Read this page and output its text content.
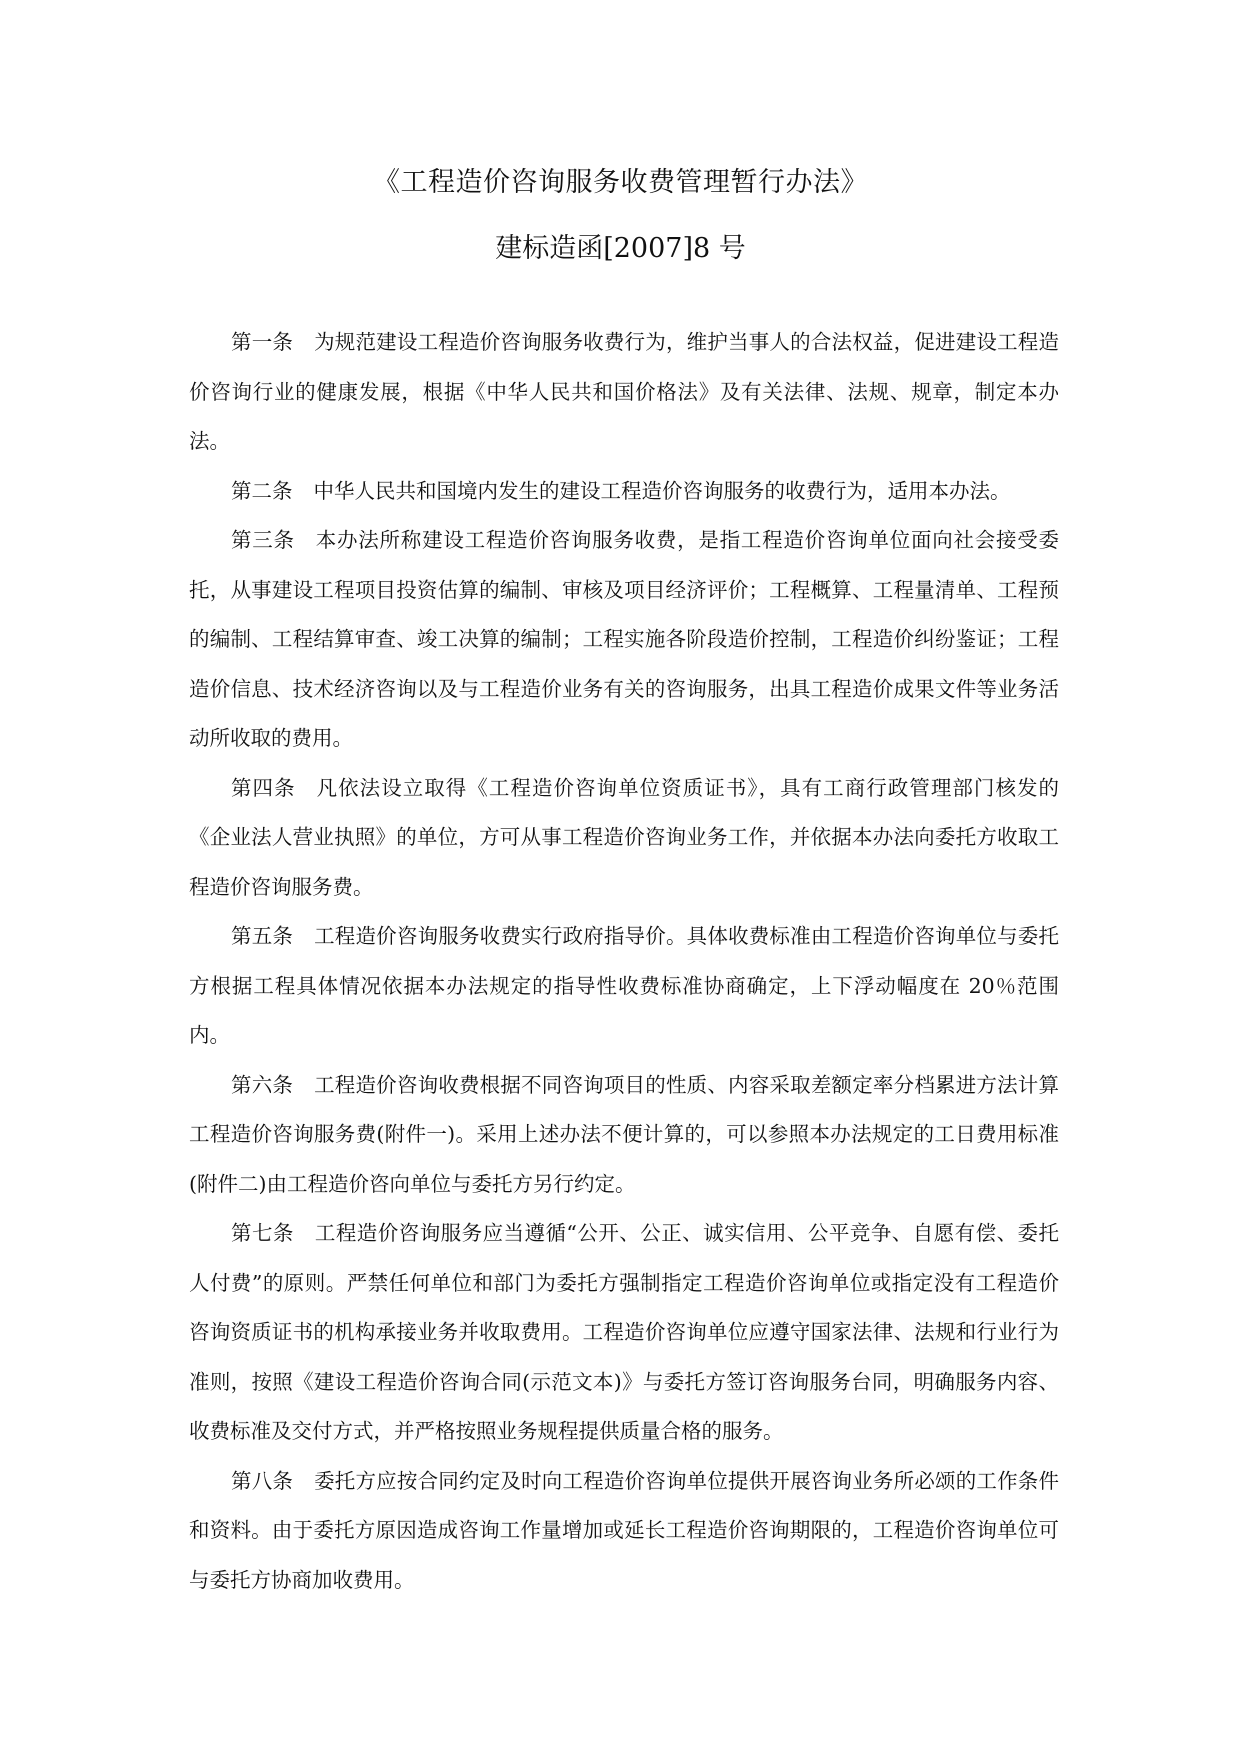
《工程造价咨询服务收费管理暂行办法》
建标造函[2007]8 号

第一条 为规范建设工程造价咨询服务收费行为，维护当事人的合法权益，促进建设工程造价咨询行业的健康发展，根据《中华人民共和国价格法》及有关法律、法规、规章，制定本办法。

第二条 中华人民共和国境内发生的建设工程造价咨询服务的收费行为，适用本办法。

第三条 本办法所称建设工程造价咨询服务收费，是指工程造价咨询单位面向社会接受委托，从事建设工程项目投资估算的编制、审核及项目经济评价；工程概算、工程量清单、工程预的编制、工程结算审查、竣工决算的编制；工程实施各阶段造价控制，工程造价纠纷鉴证；工程造价信息、技术经济咨询以及与工程造价业务有关的咨询服务，出具工程造价成果文件等业务活动所收取的费用。

第四条 凡依法设立取得《工程造价咨询单位资质证书》，具有工商行政管理部门核发的《企业法人营业执照》的单位，方可从事工程造价咨询业务工作，并依据本办法向委托方收取工程造价咨询服务费。

第五条 工程造价咨询服务收费实行政府指导价。具体收费标准由工程造价咨询单位与委托方根据工程具体情况依据本办法规定的指导性收费标准协商确定，上下浮动幅度在 20％范围内。

第六条 工程造价咨询收费根据不同咨询项目的性质、内容采取差额定率分档累进方法计算工程造价咨询服务费(附件一)。采用上述办法不便计算的，可以参照本办法规定的工日费用标准(附件二)由工程造价咨向单位与委托方另行约定。

第七条 工程造价咨询服务应当遵循“公开、公正、诚实信用、公平竞争、自愿有偿、委托人付费”的原则。严禁任何单位和部门为委托方强制指定工程造价咨询单位或指定没有工程造价咨询资质证书的机构承接业务并收取费用。工程造价咨询单位应遵守国家法律、法规和行业行为准则，按照《建设工程造价咨询合同(示范文本)》与委托方签订咨询服务台同，明确服务内容、收费标准及交付方式，并严格按照业务规程提供质量合格的服务。

第八条 委托方应按合同约定及时向工程造价咨询单位提供开展咨询业务所必颂的工作条件和资料。由于委托方原因造成咨询工作量增加或延长工程造价咨询期限的，工程造价咨询单位可与委托方协商加收费用。
